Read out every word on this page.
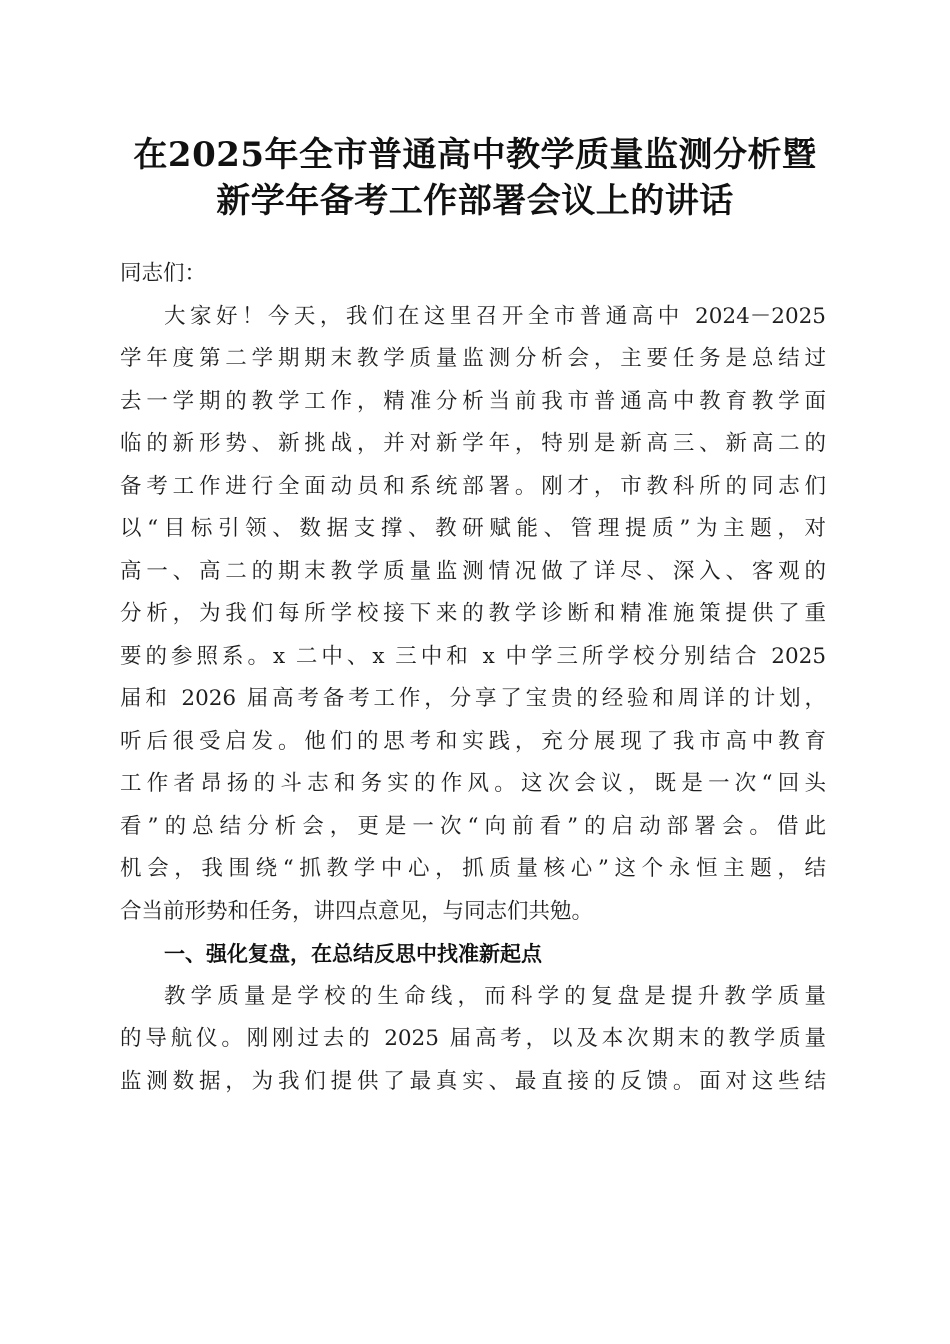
在2025年全市普通高中教学质量监测分析暨
新学年备考工作部署会议上的讲话
同志们：
大家好！今天，我们在这里召开全市普通高中 2024－2025
学年度第二学期期末教学质量监测分析会，主要任务是总结过
去一学期的教学工作，精准分析当前我市普通高中教育教学面
临的新形势、新挑战，并对新学年，特别是新高三、新高二的
备考工作进行全面动员和系统部署。刚才，市教科所的同志们
以“目标引领、数据支撑、教研赋能、管理提质”为主题，对
高一、高二的期末教学质量监测情况做了详尽、深入、客观的
分析，为我们每所学校接下来的教学诊断和精准施策提供了重
要的参照系。x 二中、x 三中和 x 中学三所学校分别结合 2025
届和 2026 届高考备考工作，分享了宝贵的经验和周详的计划，
听后很受启发。他们的思考和实践，充分展现了我市高中教育
工作者昂扬的斗志和务实的作风。这次会议，既是一次“回头
看”的总结分析会，更是一次“向前看”的启动部署会。借此
机会，我围绕“抓教学中心，抓质量核心”这个永恒主题，结
合当前形势和任务，讲四点意见，与同志们共勉。
一、强化复盘，在总结反思中找准新起点
教学质量是学校的生命线，而科学的复盘是提升教学质量
的导航仪。刚刚过去的 2025 届高考，以及本次期末的教学质量
监测数据，为我们提供了最真实、最直接的反馈。面对这些结
